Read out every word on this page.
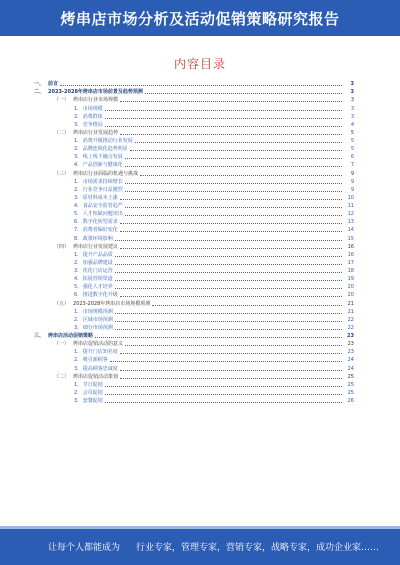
烤串店市场分析及活动促销策略研究报告
内容目录
一、 前言	3
二、 2023-2028年烤串店市场前景及趋势预测	3
（一） 烤串店行业市场规模	3
1. 市场规模	3
2. 消费群体	3
3. 竞争格局	4
（二） 烤串店行业发展趋势	5
1. 消费升级推动行业发展	5
2. 品牌连锁化趋势明显	5
3. 线上线下融合发展	6
4. 产品创新与健康化	7
（三） 烤串店行业面临的机遇与挑战	9
1. 市场需求持续增长	9
2. 行业竞争日益激烈	9
3. 原材料成本上涨	10
4. 食品安全监管趋严	11
5. 人才短缺问题突出	12
6. 数字化转型需求	13
7. 消费者偏好变化	14
8. 政策环境影响	15
（四） 烤串店行业发展建议	16
1. 提升产品品质	16
2. 加强品牌建设	17
3. 优化门店运营	18
4. 拓展营销渠道	19
5. 强化人才培养	20
6. 推进数字化升级	20
（五） 2023-2028年烤串店市场规模预测	21
1. 市场规模预测	21
2. 区域市场预测	22
3. 细分市场预测	22
三、 烤串店活动促销策略	23
（一） 烤串店促销活动的意义	23
1. 提升门店知名度	23
2. 吸引新顾客	24
3. 提高顾客忠诚度	24
（二） 烤串店促销活动策划	25
1. 节日促销	25
2. 会员促销	25
3. 套餐促销	26
让每个人都能成为 行业专家，管理专家，营销专家，战略专家，成功企业家……
